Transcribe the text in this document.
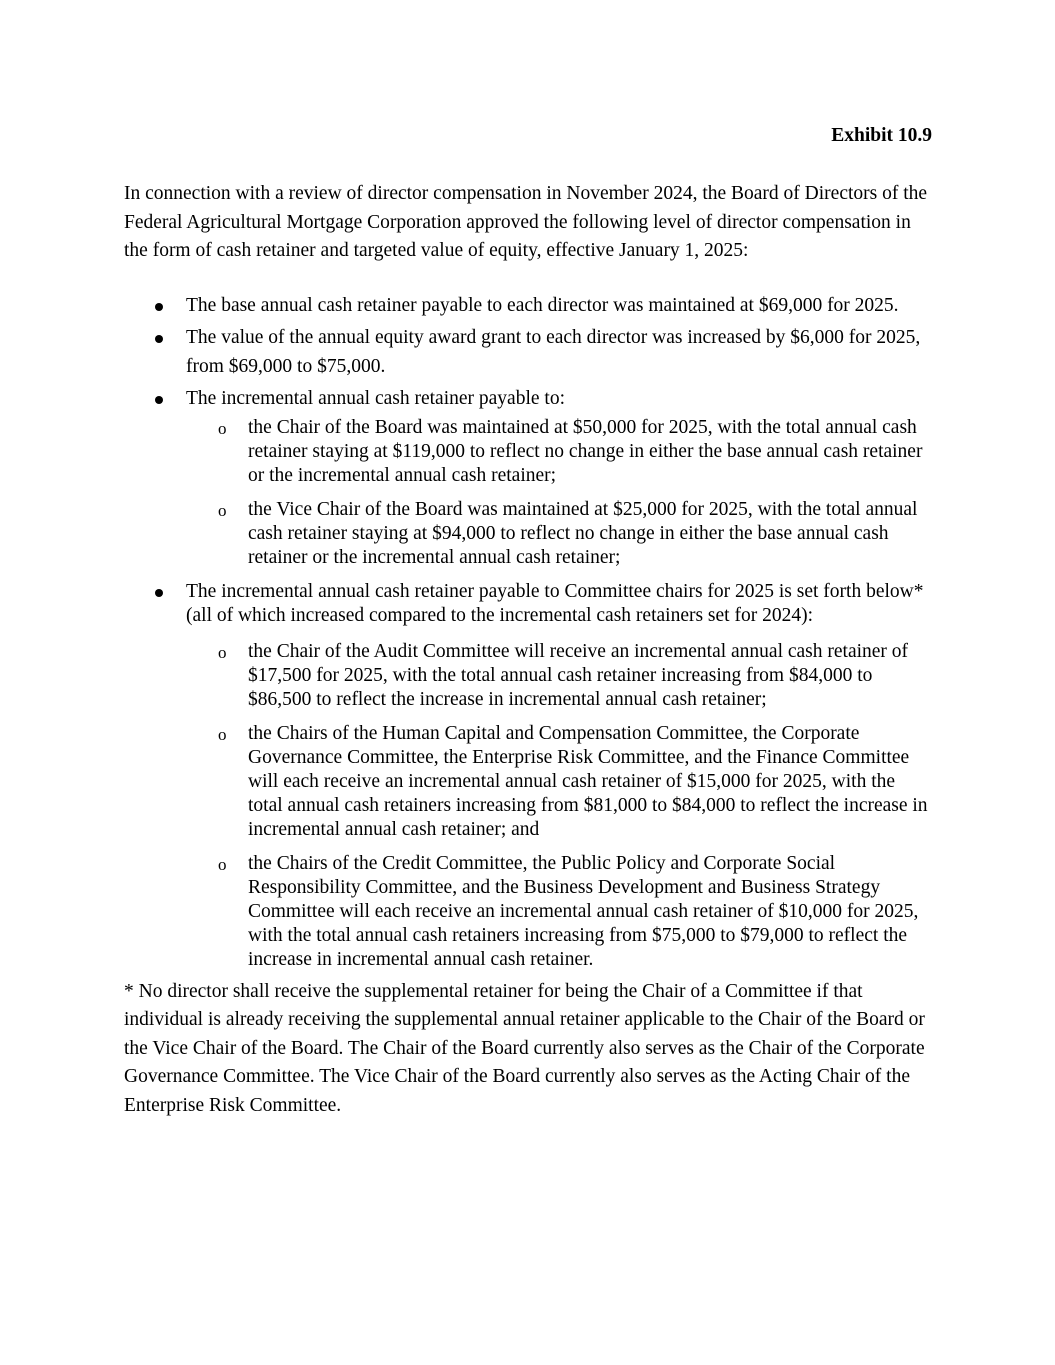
Exhibit 10.9

In connection with a review of director compensation in November 2024, the Board of Directors of the Federal Agricultural Mortgage Corporation approved the following level of director compensation in the form of cash retainer and targeted value of equity, effective January 1, 2025:

The base annual cash retainer payable to each director was maintained at $69,000 for 2025.
The value of the annual equity award grant to each director was increased by $6,000 for 2025, from $69,000 to $75,000.
The incremental annual cash retainer payable to:
o the Chair of the Board was maintained at $50,000 for 2025, with the total annual cash retainer staying at $119,000 to reflect no change in either the base annual cash retainer or the incremental annual cash retainer;
o the Vice Chair of the Board was maintained at $25,000 for 2025, with the total annual cash retainer staying at $94,000 to reflect no change in either the base annual cash retainer or the incremental annual cash retainer;
The incremental annual cash retainer payable to Committee chairs for 2025 is set forth below* (all of which increased compared to the incremental cash retainers set for 2024):
o the Chair of the Audit Committee will receive an incremental annual cash retainer of $17,500 for 2025, with the total annual cash retainer increasing from $84,000 to $86,500 to reflect the increase in incremental annual cash retainer;
o the Chairs of the Human Capital and Compensation Committee, the Corporate Governance Committee, the Enterprise Risk Committee, and the Finance Committee will each receive an incremental annual cash retainer of $15,000 for 2025, with the total annual cash retainers increasing from $81,000 to $84,000 to reflect the increase in incremental annual cash retainer; and
o the Chairs of the Credit Committee, the Public Policy and Corporate Social Responsibility Committee, and the Business Development and Business Strategy Committee will each receive an incremental annual cash retainer of $10,000 for 2025, with the total annual cash retainers increasing from $75,000 to $79,000 to reflect the increase in incremental annual cash retainer.

* No director shall receive the supplemental retainer for being the Chair of a Committee if that individual is already receiving the supplemental annual retainer applicable to the Chair of the Board or the Vice Chair of the Board. The Chair of the Board currently also serves as the Chair of the Corporate Governance Committee. The Vice Chair of the Board currently also serves as the Acting Chair of the Enterprise Risk Committee.
